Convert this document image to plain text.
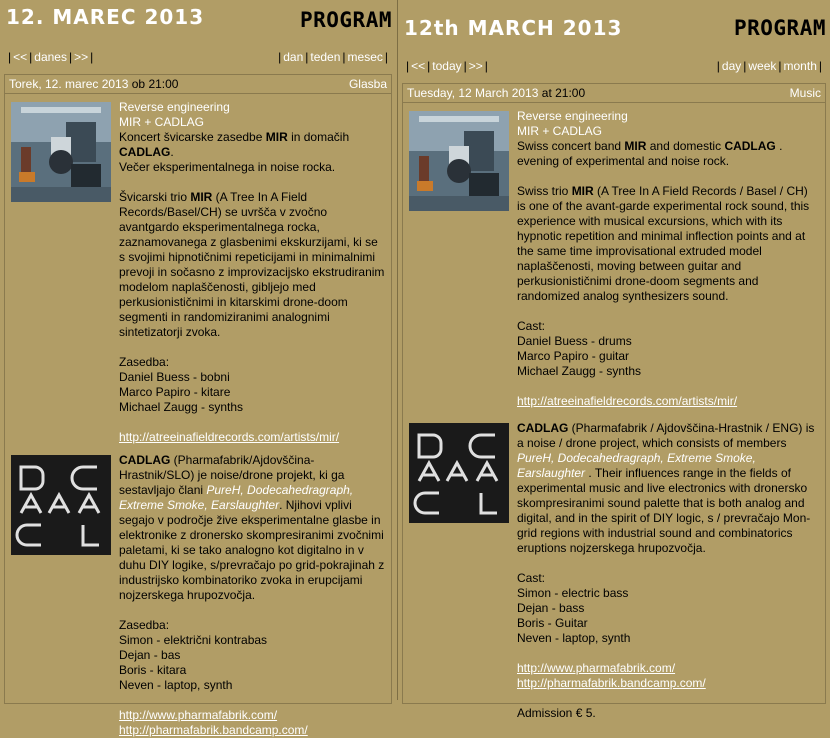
12. MAREC 2013	PROGRAM
| << | danes | >> |	| dan | teden | mesec |
Torek, 12. marec 2013 ob 21:00	Glasba

Reverse engineering

MIR + CADLAG

Koncert švicarske zasedbe MIR in domačih CADLAG.

Večer eksperimentalnega in noise rocka.

Švicarski trio MIR (A Tree In A Field Records/Basel/CH) se uvršča v zvočno avantgardo eksperimentalnega rocka, zaznamovanega z glasbenimi ekskurzijami, ki se s svojimi hipnotičnimi repeticijami in minimalnimi prevoji in sočasno z improvizacijsko ekstrudiranim modelom naplaščenosti, gibljejo med perkusionističnimi in kitarskimi drone-doom segmenti in randomiziranimi analognimi sintetizatorji zvoka.

Zasedba:

Daniel Buess - bobni

Marco Papiro - kitare

Michael Zaugg - synths

http://atreeinafieldrecords.com/artists/mir/

CADLAG (Pharmafabrik/Ajdovščina-Hrastnik/SLO) je noise/drone projekt, ki ga sestavljajo člani PureH, Dodecahedragraph, Extreme Smoke, Earslaughter. Njihovi vplivi segajo v področje žive eksperimentalne glasbe in elektronike z dronersko skompresiranimi zvočnimi paletami, ki se tako analogno kot digitalno in v duhu DIY logike, s/prevračajo po grid-pokrajinah z industrijsko kombinatoriko zvoka in erupcijami nojzerskega hrupozvočja.

Zasedba:

Simon - električni kontrabas

Dejan - bas

Boris - kitara

Neven - laptop, synth

http://www.pharmafabrik.com/

http://pharmafabrik.bandcamp.com/

12th MARCH 2013	PROGRAM
| << | today | >> |	| day | week | month |
Tuesday, 12 March 2013 at 21:00	Music

Reverse engineering

MIR + CADLAG

Swiss concert band MIR and domestic CADLAG .

evening of experimental and noise rock.

Swiss trio MIR (A Tree In A Field Records / Basel / CH) is one of the avant-garde experimental rock sound, this experience with musical excursions, which with its hypnotic repetition and minimal inflection points and at the same time improvisational extruded model naplaščenosti, moving between guitar and perkusionističnimi drone-doom segments and randomized analog synthesizers sound.

Cast:

Daniel Buess - drums

Marco Papiro - guitar

Michael Zaugg - synths

http://atreeinafieldrecords.com/artists/mir/

CADLAG (Pharmafabrik / Ajdovščina-Hrastnik / ENG) is a noise / drone project, which consists of members PureH, Dodecahedragraph, Extreme Smoke, Earslaughter . Their influences range in the fields of experimental music and live electronics with dronersko skompresiranimi sound palette that is both analog and digital, and in the spirit of DIY logic, s / prevračajo Mon-grid regions with industrial sound and combinatorics eruptions nojzerskega hrupozvočja.

Cast:

Simon - electric bass

Dejan - bass

Boris - Guitar

Neven - laptop, synth

http://www.pharmafabrik.com/

http://pharmafabrik.bandcamp.com/

Admission € 5.
